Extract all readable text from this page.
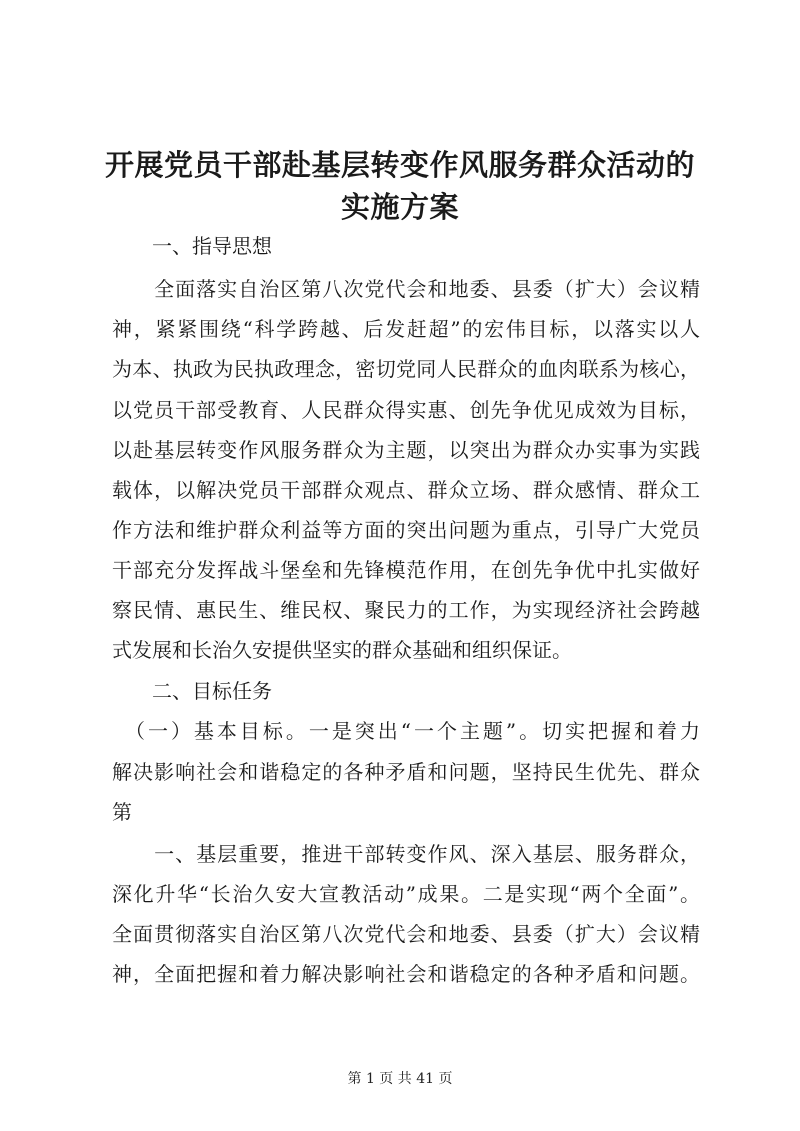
开展党员干部赴基层转变作风服务群众活动的
实施方案
　　一、指导思想
　　全面落实自治区第八次党代会和地委、县委（扩大）会议精
神，紧紧围绕“科学跨越、后发赶超”的宏伟目标，以落实以人
为本、执政为民执政理念，密切党同人民群众的血肉联系为核心，
以党员干部受教育、人民群众得实惠、创先争优见成效为目标，
以赴基层转变作风服务群众为主题，以突出为群众办实事为实践
载体，以解决党员干部群众观点、群众立场、群众感情、群众工
作方法和维护群众利益等方面的突出问题为重点，引导广大党员
干部充分发挥战斗堡垒和先锋模范作用，在创先争优中扎实做好
察民情、惠民生、维民权、聚民力的工作，为实现经济社会跨越
式发展和长治久安提供坚实的群众基础和组织保证。
　　二、目标任务
　（一）基本目标。一是突出“一个主题”。切实把握和着力
解决影响社会和谐稳定的各种矛盾和问题，坚持民生优先、群众
第
　　一、基层重要，推进干部转变作风、深入基层、服务群众，
深化升华“长治久安大宣教活动”成果。二是实现“两个全面”。
全面贯彻落实自治区第八次党代会和地委、县委（扩大）会议精
神，全面把握和着力解决影响社会和谐稳定的各种矛盾和问题。
第 1 页 共 41 页
